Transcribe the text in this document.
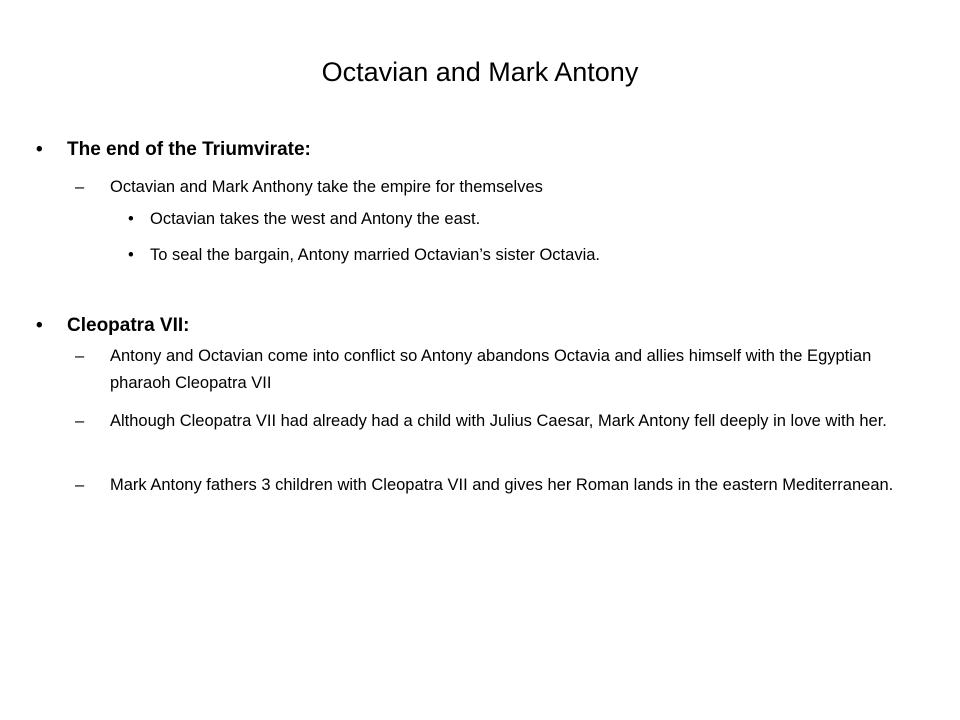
Octavian and Mark Antony
•	The end of the Triumvirate:
–	Octavian and Mark Anthony take the empire for themselves
• Octavian takes the west and Antony the east.
• To seal the bargain, Antony married Octavian’s sister Octavia.
•	Cleopatra VII:
–	Antony and Octavian come into conflict so Antony abandons Octavia and allies himself with the Egyptian pharaoh Cleopatra VII
–	Although Cleopatra VII had already had a child with Julius Caesar, Mark Antony fell deeply in love with her.
–	Mark Antony fathers 3 children with Cleopatra VII and gives her Roman lands in the eastern Mediterranean.
